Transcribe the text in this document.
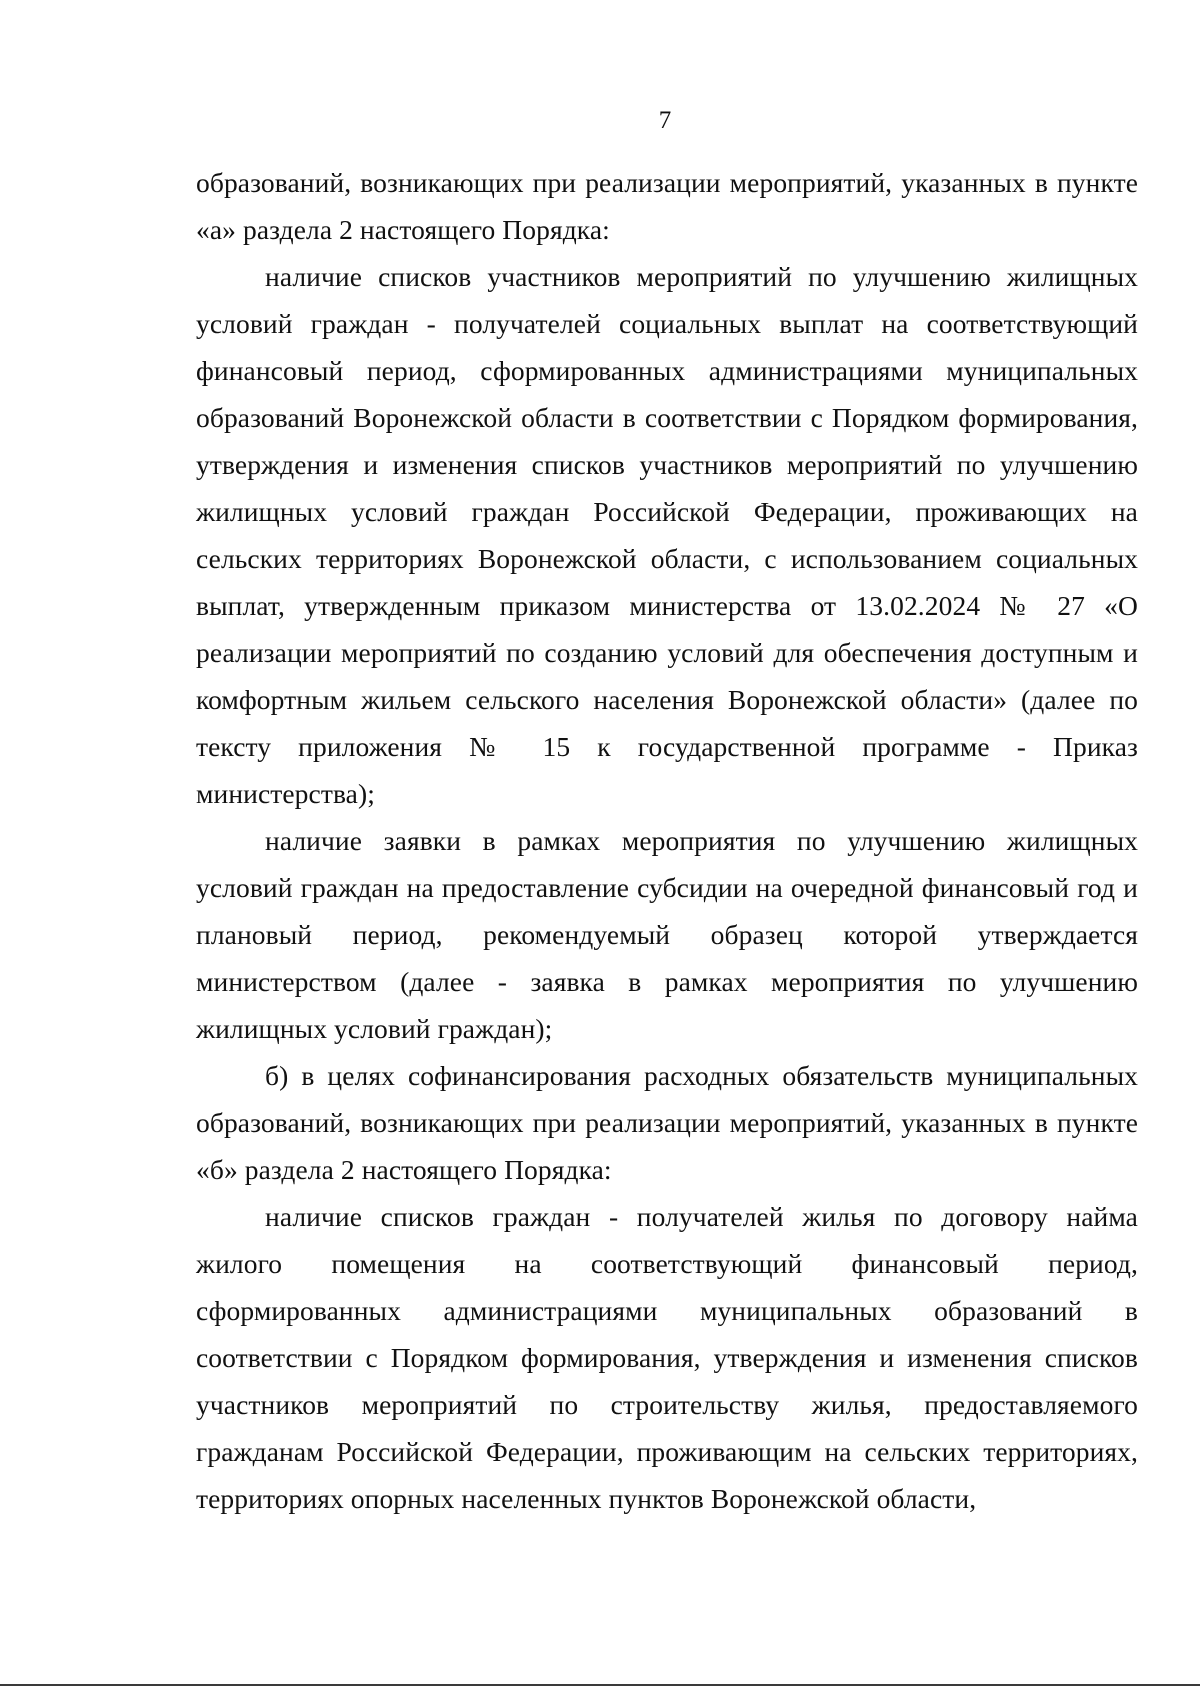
7

образований, возникающих при реализации мероприятий, указанных в пункте «а» раздела 2 настоящего Порядка:

наличие списков участников мероприятий по улучшению жилищных условий граждан - получателей социальных выплат на соответствующий финансовый период, сформированных администрациями муниципальных образований Воронежской области в соответствии с Порядком формирования, утверждения и изменения списков участников мероприятий по улучшению жилищных условий граждан Российской Федерации, проживающих на сельских территориях Воронежской области, с использованием социальных выплат, утвержденным приказом министерства от 13.02.2024 № 27 «О реализации мероприятий по созданию условий для обеспечения доступным и комфортным жильем сельского населения Воронежской области» (далее по тексту приложения № 15 к государственной программе - Приказ министерства);

наличие заявки в рамках мероприятия по улучшению жилищных условий граждан на предоставление субсидии на очередной финансовый год и плановый период, рекомендуемый образец которой утверждается министерством (далее - заявка в рамках мероприятия по улучшению жилищных условий граждан);

б) в целях софинансирования расходных обязательств муниципальных образований, возникающих при реализации мероприятий, указанных в пункте «б» раздела 2 настоящего Порядка:

наличие списков граждан - получателей жилья по договору найма жилого помещения на соответствующий финансовый период, сформированных администрациями муниципальных образований в соответствии с Порядком формирования, утверждения и изменения списков участников мероприятий по строительству жилья, предоставляемого гражданам Российской Федерации, проживающим на сельских территориях, территориях опорных населенных пунктов Воронежской области,
